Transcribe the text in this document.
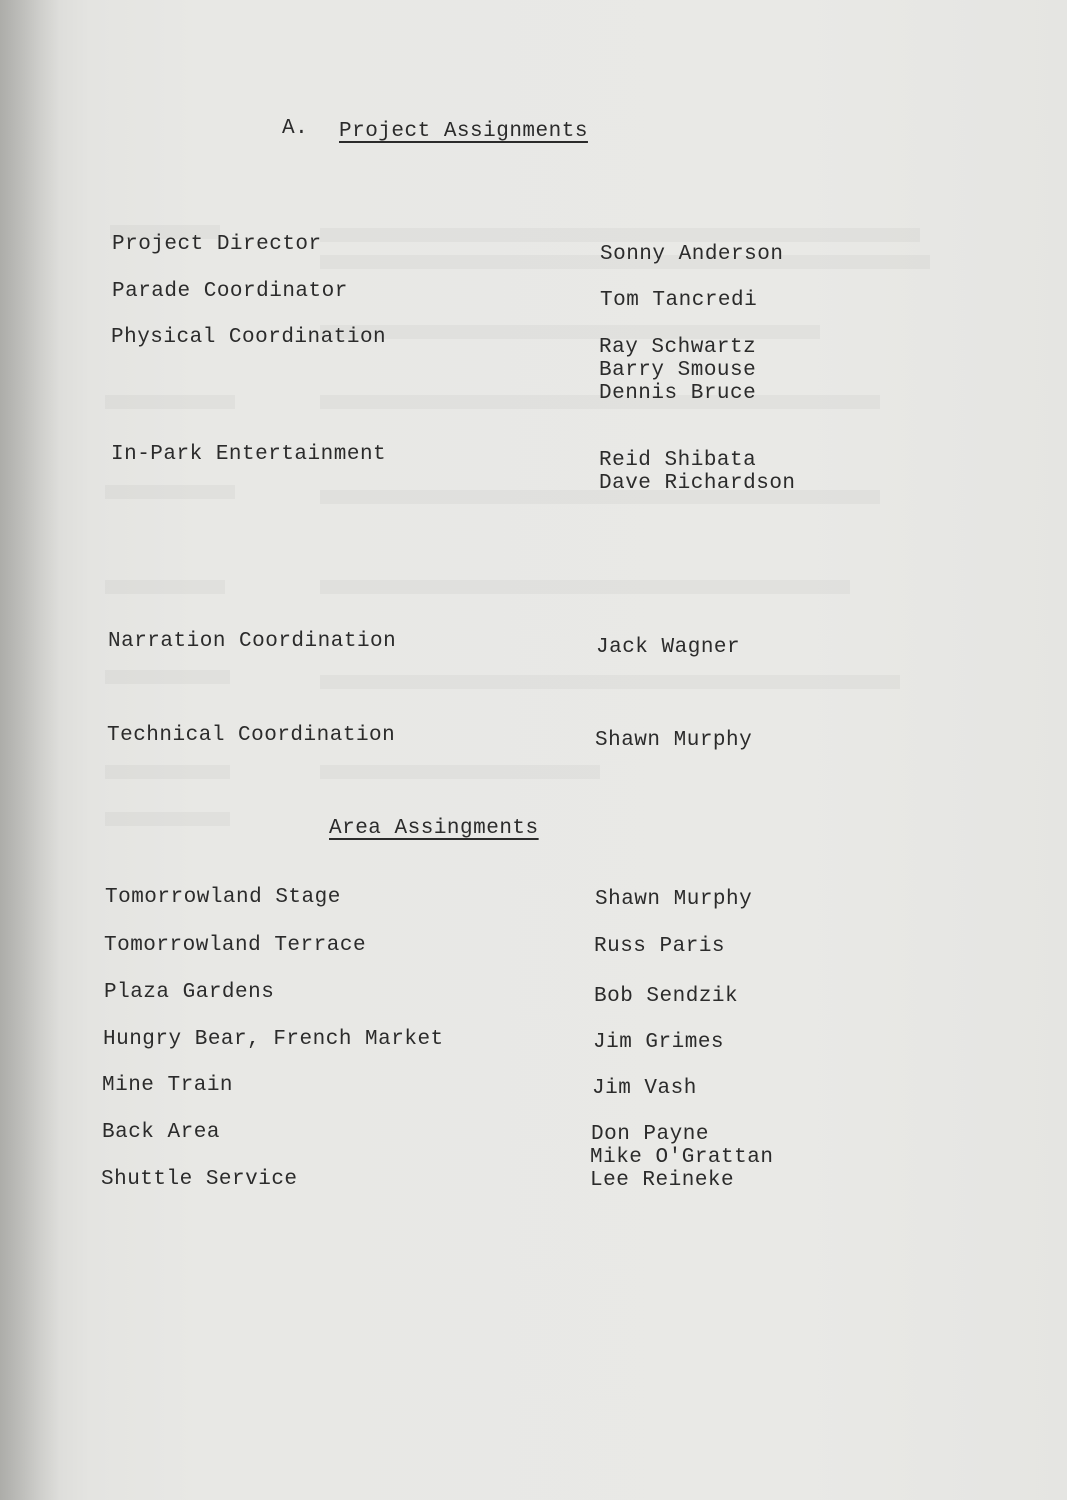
A. Project Assignments
Project Director
Parade Coordinator
Physical Coordination
In-Park Entertainment
Narration Coordination
Technical Coordination
Sonny Anderson
Tom Tancredi
Ray Schwartz
Barry Smouse
Dennis Bruce
Reid Shibata
Dave Richardson
Jack Wagner
Shawn Murphy
Area Assingments
Tomorrowland Stage
Tomorrowland Terrace
Plaza Gardens
Hungry Bear, French Market
Mine Train
Back Area
Shuttle Service
Shawn Murphy
Russ Paris
Bob Sendzik
Jim Grimes
Jim Vash
Don Payne
Mike O'Grattan
Lee Reineke
